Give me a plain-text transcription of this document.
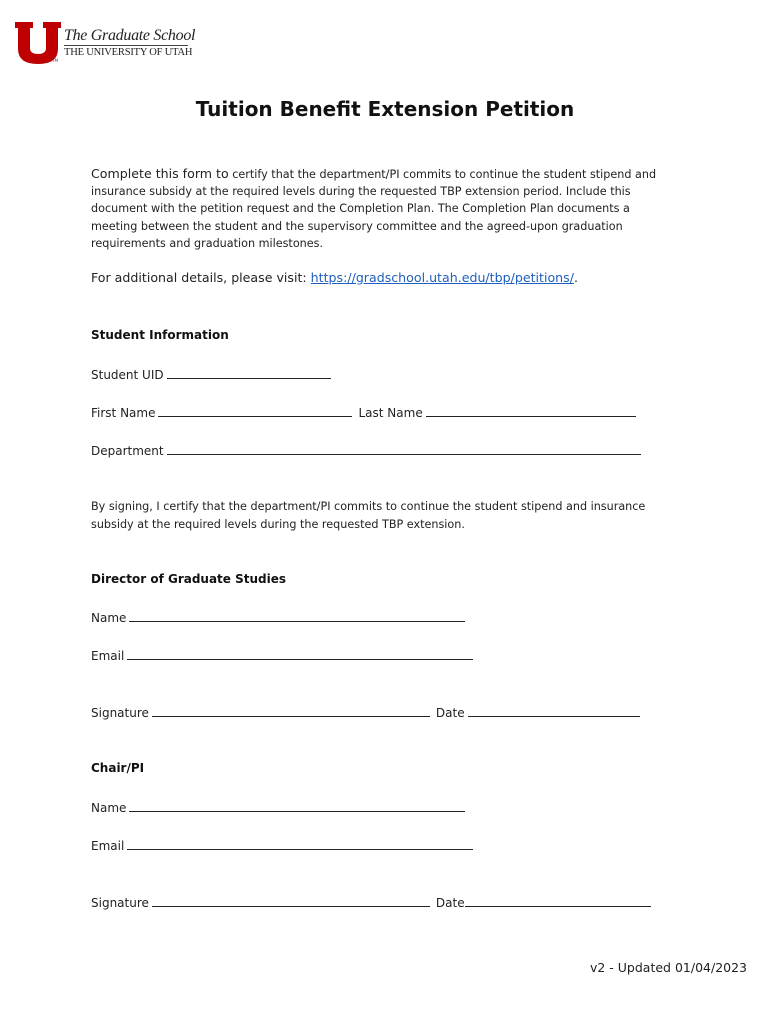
The Graduate School
THE UNIVERSITY OF UTAH
TM
Tuition Benefit Extension Petition
Complete this form to certify that the department/PI commits to continue the student stipend and insurance subsidy at the required levels during the requested TBP extension period. Include this document with the petition request and the Completion Plan. The Completion Plan documents a meeting between the student and the supervisory committee and the agreed-upon graduation requirements and graduation milestones.
For additional details, please visit: https://gradschool.utah.edu/tbp/petitions/.
Student Information
Student UID
First Name	Last Name
Department
By signing, I certify that the department/PI commits to continue the student stipend and insurance subsidy at the required levels during the requested TBP extension.
Director of Graduate Studies
Name
Email
Signature	Date
Chair/PI
Name
Email
Signature	Date
v2 - Updated 01/04/2023
